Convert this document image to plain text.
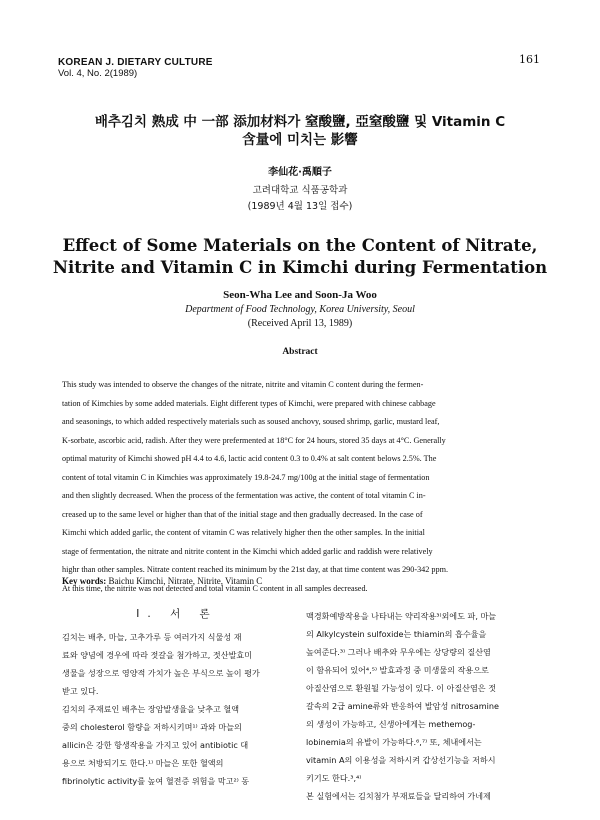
KOREAN J. DIETARY CULTURE
Vol. 4, No. 2(1989)
161
배추김치 熟成 中 一部 添加材料가 窒酸鹽, 亞窒酸鹽 및 Vitamin C
含量에 미치는 影響
李仙花·禹順子
고려대학교 식품공학과
(1989년 4월 13일 접수)
Effect of Some Materials on the Content of Nitrate,
Nitrite and Vitamin C in Kimchi during Fermentation
Seon-Wha Lee and Soon-Ja Woo
Department of Food Technology, Korea University, Seoul
(Received April 13, 1989)
Abstract
This study was intended to observe the changes of the nitrate, nitrite and vitamin C content during the fermen-
tation of Kimchies by some added materials. Eight different types of Kimchi, were prepared with chinese cabbage
and seasonings, to which added respectively materials such as soused anchovy, soused shrimp, garlic, mustard leaf,
K-sorbate, ascorbic acid, radish. After they were prefermented at 18°C for 24 hours, stored 35 days at 4°C. Generally
optimal maturity of Kimchi showed pH 4.4 to 4.6, lactic acid content 0.3 to 0.4% at salt content belows 2.5%. The
content of total vitamin C in Kimchies was approximately 19.8-24.7 mg/100g at the initial stage of fermentation
and then slightly decreased. When the process of the fermentation was active, the content of total vitamin C in-
creased up to the same level or higher than that of the initial stage and then gradually decreased. In the case of
Kimchi which added garlic, the content of vitamin C was relatively higher then the other samples. In the initial
stage of fermentation, the nitrate and nitrite content in the Kimchi which added garlic and raddish were relatively
highr than other samples. Nitrate content reached its minimum by the 21st day, at that time content was 290-342 ppm.
At this time, the nitrite was not detected and total vitamin C content in all samples decreased.
Key words: Baichu Kimchi, Nitrate, Nitrite, Vitamin C
I. 서 론
김치는 배추, 마늘, 고추가루 등 여러가지 식물성 재
료와 양념에 경우에 따라 젓갈을 첨가하고, 젓산발효미
생물을 성장으로 영양적 가치가 높은 부식으로 높이 평가
받고 있다.
김치의 주재료인 배추는 장암발생율을 낮추고 혈액
중의 cholesterol 함량을 저하시키며¹⁾ 과와 마늘의
allicin은 강한 항생작용을 가지고 있어 antibiotic 대
용으로 처방되기도 한다.¹⁾ 마늘은 또한 혈액의
fibrinolytic activity를 높여 혈전증 위험을 막고²⁾ 동
맥경화예방작용을 나타내는 약리작용³⁾외에도 파, 마늘
의 Alkylcystein sulfoxide는 thiamin의 흡수율을
높여준다.³⁾ 그러나 배추와 무우에는 상당량의 질산염
이 함유되어 있어⁴,⁵⁾ 발효과정 중 미생물의 작용으로
아질산염으로 환원될 가능성이 있다. 이 아질산염은 젓
갈속의 2급 amine류와 반응하여 발암성 nitrosamine
의 생성이 가능하고, 신생아에게는 methemog-
lobinemia의 유발이 가능하다.⁶,⁷⁾ 또, 체내에서는
vitamin A의 이용성을 저하시켜 갑상선기능을 저하시
키기도 한다.³,⁴⁾
본 실험에서는 김치첨가 부재료들을 달리하여 가네제
